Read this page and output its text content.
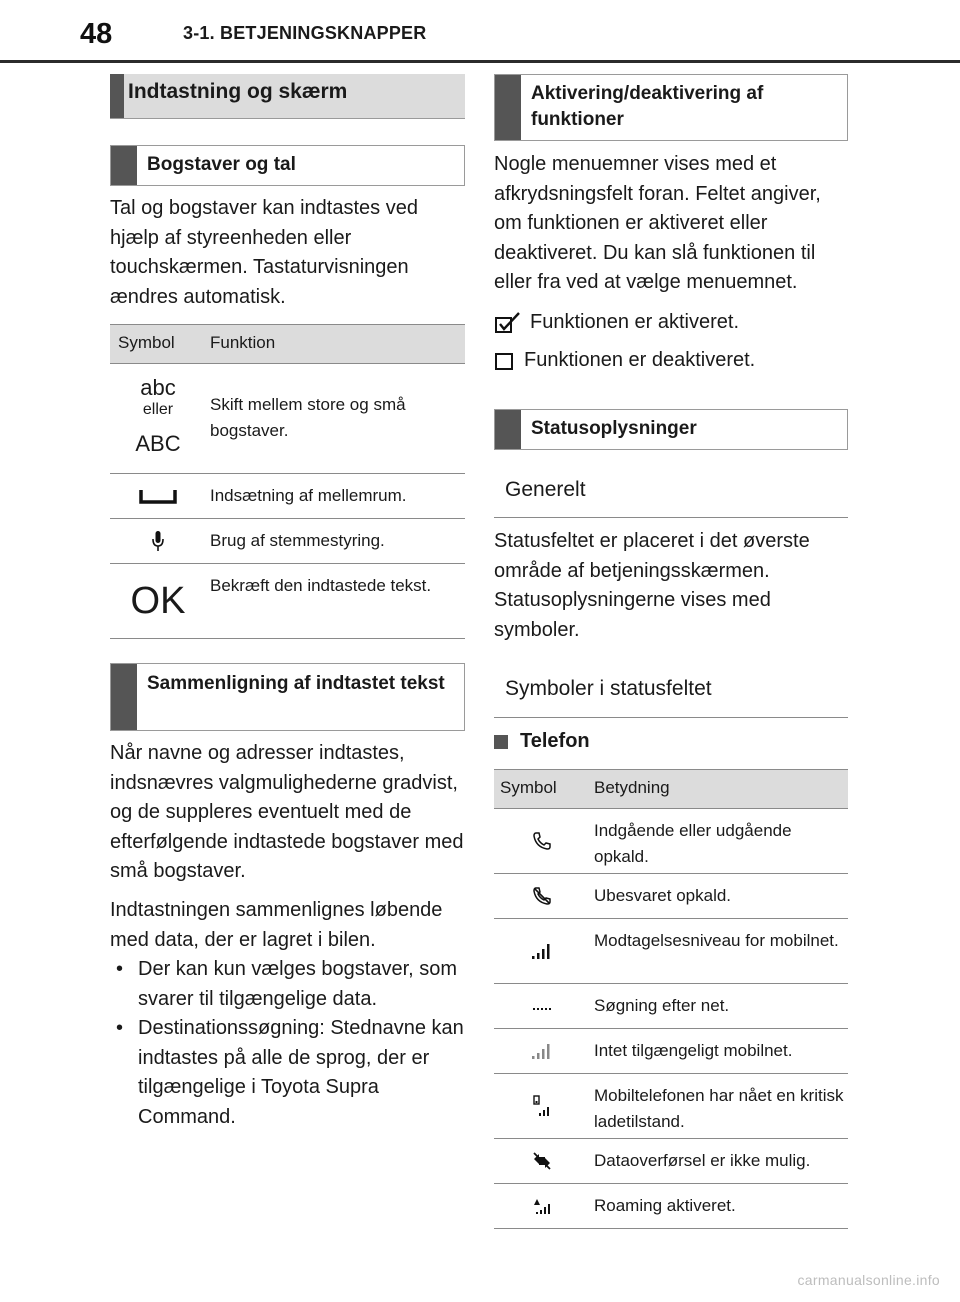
48	3-1. BETJENINGSKNAPPER
Indtastning og skærm
Bogstaver og tal

Tal og bogstaver kan indtastes ved hjælp af styreenheden eller touchskærmen. Tastaturvisningen ændres automatisk.

Symbol Funktion
abc
eller
ABC
Skift mellem store og små bogstaver.
Indsætning af mellemrum.
Brug af stemmestyring.
OK Bekræft den indtastede tekst.
Sammenligning af indtastet tekst

Når navne og adresser indtastes, indsnævres valgmulighederne gradvist, og de suppleres eventuelt med de efterfølgende indtastede bogstaver med små bogstaver.

Indtastningen sammenlignes løbende med data, der er lagret i bilen.

• Der kan kun vælges bogstaver, som svarer til tilgængelige data.
• Destinationssøgning: Stednavne kan indtastes på alle de sprog, der er tilgængelige i Toyota Supra Command.
Aktivering/deaktivering af funktioner

Nogle menuemner vises med et afkrydsningsfelt foran. Feltet angiver, om funktionen er aktiveret eller deaktiveret. Du kan slå funktionen til eller fra ved at vælge menuemnet.

Funktionen er aktiveret.
Funktionen er deaktiveret.
Statusoplysninger
Generelt

Statusfeltet er placeret i det øverste område af betjeningsskærmen. Statusoplysningerne vises med symboler.

Symboler i statusfeltet
Telefon
Symbol Betydning
Indgående eller udgående opkald.
Ubesvaret opkald.
Modtagelsesniveau for mobilnet.
Søgning efter net.
Intet tilgængeligt mobilnet.
Mobiltelefonen har nået en kritisk ladetilstand.
Dataoverførsel er ikke mulig.
Roaming aktiveret.
carmanualsonline.info
